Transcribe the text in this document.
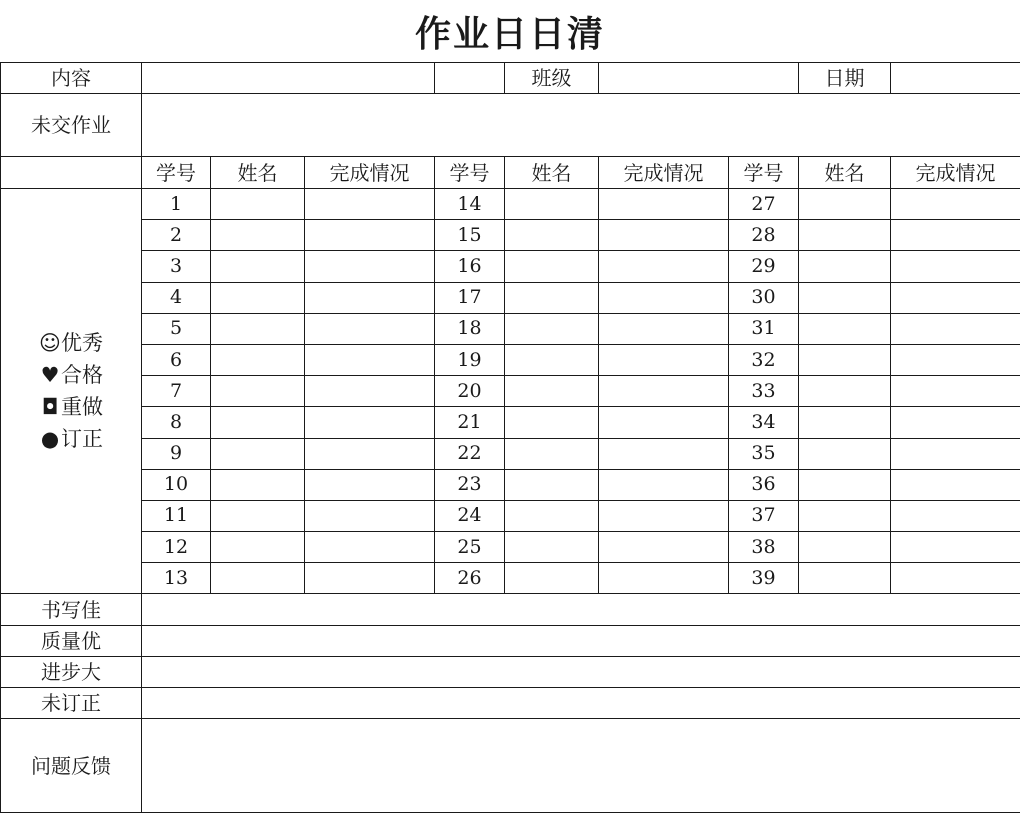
作业日日清
内容					班级			日期	
未交作业									
	学号	姓名	完成情况	学号	姓名	完成情况	学号	姓名	完成情况

☺优秀
♥合格
◘ 重做
●订正	1			14			27		
	2			15			28		
	3			16			29		
	4			17			30		
	5			18			31		
	6			19			32		
	7			20			33		
	8			21			34		
	9			22			35		
	10			23			36		
	11			24			37		
	12			25			38		
	13			26			39		
书写佳									
质量优									
进步大									
未订正									
问题反馈									
